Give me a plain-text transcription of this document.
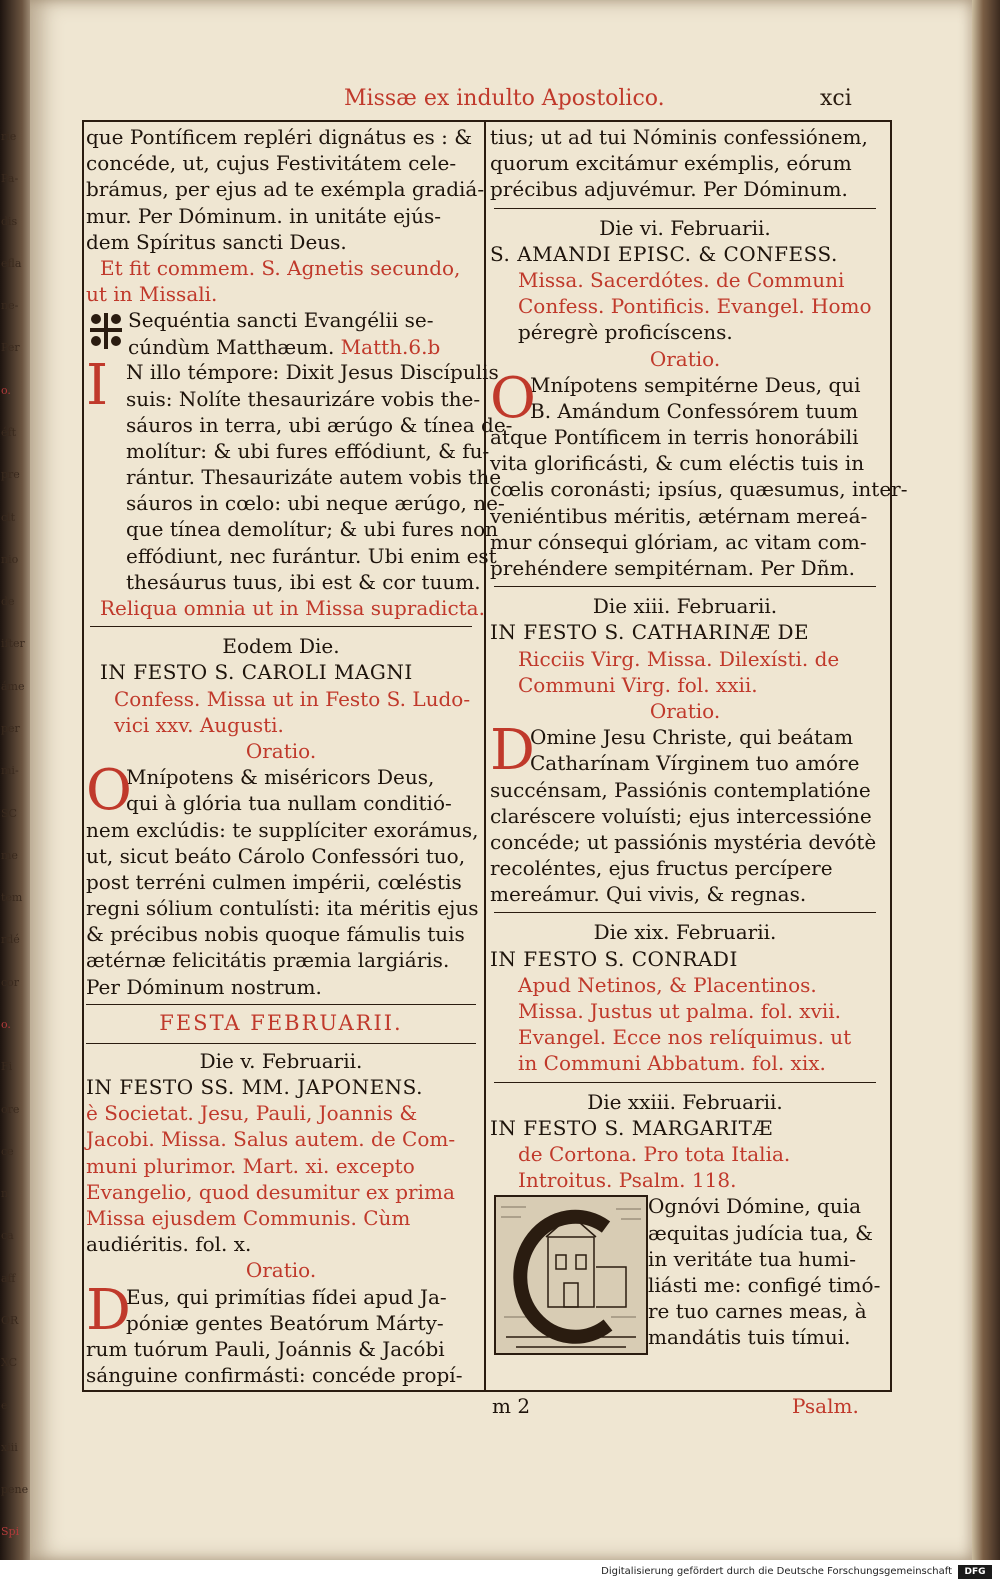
rie
Pa-
dis
efla
ne-
Per
o.
éft
pre
clt
nio
de
ifter
áme
per
mi-
SC
me
tem
rdé
cor
o.
Fi
ore
ce
n
ca
aff
OR
XC
e
xiii
pene
Spi
Missæ ex indulto Apostolico.	xci
que Pontíficem repléri dignátus es : &
concéde, ut, cujus Festivitátem cele-
brámus, per ejus ad te exémpla gradiá-
mur. Per Dóminum. in unitáte ejús-
dem Spíritus sancti Deus.
Et fit commem. S. Agnetis secundo,
ut in Missali.
Sequéntia sancti Evangélii se-
cúndùm Matthæum. Matth.6.b
I N illo témpore: Dixit Jesus Discípulis
suis: Nolíte thesaurizáre vobis the-
sáuros in terra, ubi ærúgo & tínea de-
molítur: & ubi fures effódiunt, & fu-
rántur. Thesaurizáte autem vobis the
sáuros in cœlo: ubi neque ærúgo, ne-
que tínea demolítur; & ubi fures non
effódiunt, nec furántur. Ubi enim est
thesáurus tuus, ibi est & cor tuum.
Reliqua omnia ut in Missa supradicta.
Eodem Die.
IN FESTO S. CAROLI MAGNI
Confess. Missa ut in Festo S. Ludo-
vici xxv. Augusti.
Oratio.
O
Mnípotens & miséricors Deus,
qui à glória tua nullam conditió-
nem exclúdis: te supplíciter exorámus,
ut, sicut beáto Cárolo Confessóri tuo,
post terréni culmen impérii, cœléstis
regni sólium contulísti: ita méritis ejus
& précibus nobis quoque fámulis tuis
ætérnæ felicitátis præmia largiáris.
Per Dóminum nostrum.
FESTA FEBRUARII.
Die v. Februarii.
IN FESTO SS. MM. JAPONENS.
è Societat. Jesu, Pauli, Joannis &
Jacobi. Missa. Salus autem. de Com-
muni plurimor. Mart. xi. excepto
Evangelio, quod desumitur ex prima
Missa ejusdem Communis. Cùm
audiéritis. fol. x.
Oratio.
D
Eus, qui primítias fídei apud Ja-
póniæ gentes Beatórum Márty-
rum tuórum Pauli, Joánnis & Jacóbi
sánguine confirmásti: concéde propí-
tius; ut ad tui Nóminis confessiónem,
quorum excitámur exémplis, eórum
précibus adjuvémur. Per Dóminum.
Die vi. Februarii.
S. AMANDI EPISC. & CONFESS.
Missa. Sacerdótes. de Communi
Confess. Pontificis. Evangel. Homo
péregrè proficíscens.
Oratio.
O
Mnípotens sempitérne Deus, qui
B. Amándum Confessórem tuum
atque Pontíficem in terris honorábili
vita glorificásti, & cum eléctis tuis in
cœlis coronásti; ipsíus, quæsumus, inter-
veniéntibus méritis, ætérnam mereá-
mur cónsequi glóriam, ac vitam com-
prehéndere sempitérnam. Per Dñm.
Die xiii. Februarii.
IN FESTO S. CATHARINÆ DE
Ricciis Virg. Missa. Dilexísti. de
Communi Virg. fol. xxii.
Oratio.
D
Omine Jesu Christe, qui beátam
Catharínam Vírginem tuo amóre
succénsam, Passiónis contemplatióne
claréscere voluísti; ejus intercessióne
concéde; ut passiónis mystéria devótè
recoléntes, ejus fructus percípere
mereámur. Qui vivis, & regnas.
Die xix. Februarii.
IN FESTO S. CONRADI
Apud Netinos, & Placentinos.
Missa. Justus ut palma. fol. xvii.
Evangel. Ecce nos relíquimus. ut
in Communi Abbatum. fol. xix.
Die xxiii. Februarii.
IN FESTO S. MARGARITÆ
de Cortona. Pro tota Italia.
Introitus. Psalm. 118.
Ognóvi Dómine, quia
æquitas judícia tua, &
in veritáte tua humi-
liásti me: configé timó-
re tuo carnes meas, à
mandátis tuis tímui.
m 2	Psalm.
Digitalisierung gefördert durch die Deutsche Forschungsgemeinschaft	DFG
